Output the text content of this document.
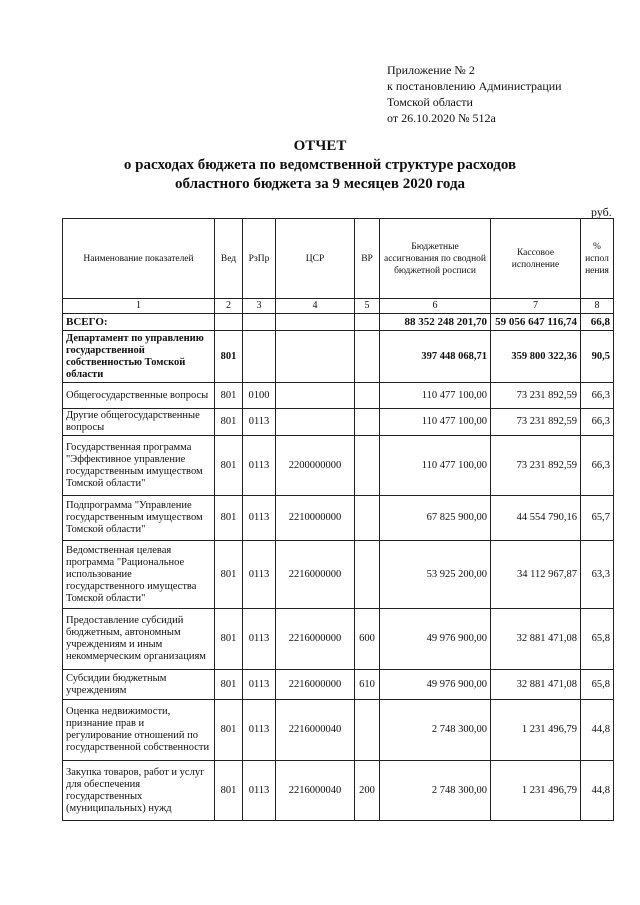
Приложение № 2
к постановлению Администрации
Томской области
от 26.10.2020 № 512а
ОТЧЕТ
о расходах бюджета по ведомственной структуре расходов
областного бюджета за 9 месяцев 2020 года
руб.
Наименование показателей	Вед	РзПр	ЦСР	ВР	Бюджетные ассигнования по сводной бюджетной росписи	Кассовое исполнение	% испол нения
1	2	3	4	5	6	7	8
ВСЕГО:					88 352 248 201,70	59 056 647 116,74	66,8
Департамент по управлению государственной собственностью Томской области	801				397 448 068,71	359 800 322,36	90,5
Общегосударственные вопросы	801	0100			110 477 100,00	73 231 892,59	66,3
Другие общегосударственные вопросы	801	0113			110 477 100,00	73 231 892,59	66,3
Государственная программа "Эффективное управление государственным имуществом Томской области"	801	0113	2200000000		110 477 100,00	73 231 892,59	66,3
Подпрограмма "Управление государственным имуществом Томской области"	801	0113	2210000000		67 825 900,00	44 554 790,16	65,7
Ведомственная целевая программа "Рациональное использование государственного имущества Томской области"	801	0113	2216000000		53 925 200,00	34 112 967,87	63,3
Предоставление субсидий бюджетным, автономным учреждениям и иным некоммерческим организациям	801	0113	2216000000	600	49 976 900,00	32 881 471,08	65,8
Субсидии бюджетным учреждениям	801	0113	2216000000	610	49 976 900,00	32 881 471,08	65,8
Оценка недвижимости, признание прав и регулирование отношений по государственной собственности	801	0113	2216000040		2 748 300,00	1 231 496,79	44,8
Закупка товаров, работ и услуг для обеспечения государственных (муниципальных) нужд	801	0113	2216000040	200	2 748 300,00	1 231 496,79	44,8
